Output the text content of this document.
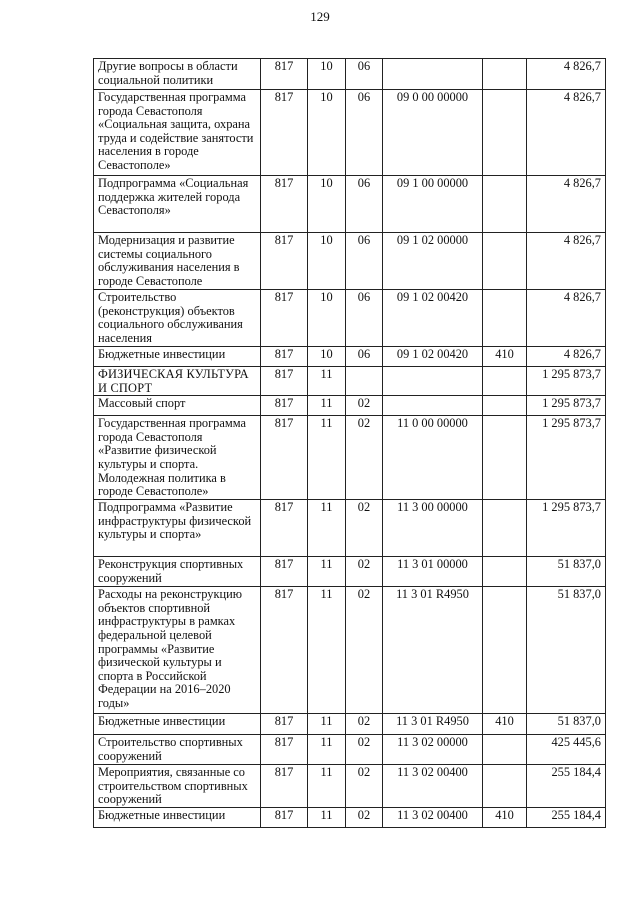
129
Другие вопросы в области социальной политики	817	10	06			4 826,7
Государственная программа города Севастополя «Социальная защита, охрана труда и содействие занятости населения в городе Севастополе»	817	10	06	09 0 00 00000		4 826,7
Подпрограмма «Социальная поддержка жителей города Севастополя»	817	10	06	09 1 00 00000		4 826,7
Модернизация и развитие системы социального обслуживания населения в городе Севастополе	817	10	06	09 1 02 00000		4 826,7
Строительство (реконструкция) объектов социального обслуживания населения	817	10	06	09 1 02 00420		4 826,7
Бюджетные инвестиции	817	10	06	09 1 02 00420	410	4 826,7
ФИЗИЧЕСКАЯ КУЛЬТУРА И СПОРТ	817	11				1 295 873,7
Массовый спорт	817	11	02			1 295 873,7
Государственная программа города Севастополя «Развитие физической культуры и спорта. Молодежная политика в городе Севастополе»	817	11	02	11 0 00 00000		1 295 873,7
Подпрограмма «Развитие инфраструктуры физической культуры и спорта»	817	11	02	11 3 00 00000		1 295 873,7
Реконструкция спортивных сооружений	817	11	02	11 3 01 00000		51 837,0
Расходы на реконструкцию объектов спортивной инфраструктуры в рамках федеральной целевой программы «Развитие физической культуры и спорта в Российской Федерации на 2016–2020 годы»	817	11	02	11 3 01 R4950		51 837,0
Бюджетные инвестиции	817	11	02	11 3 01 R4950	410	51 837,0
Строительство спортивных сооружений	817	11	02	11 3 02 00000		425 445,6
Мероприятия, связанные со строительством спортивных сооружений	817	11	02	11 3 02 00400		255 184,4
Бюджетные инвестиции	817	11	02	11 3 02 00400	410	255 184,4
